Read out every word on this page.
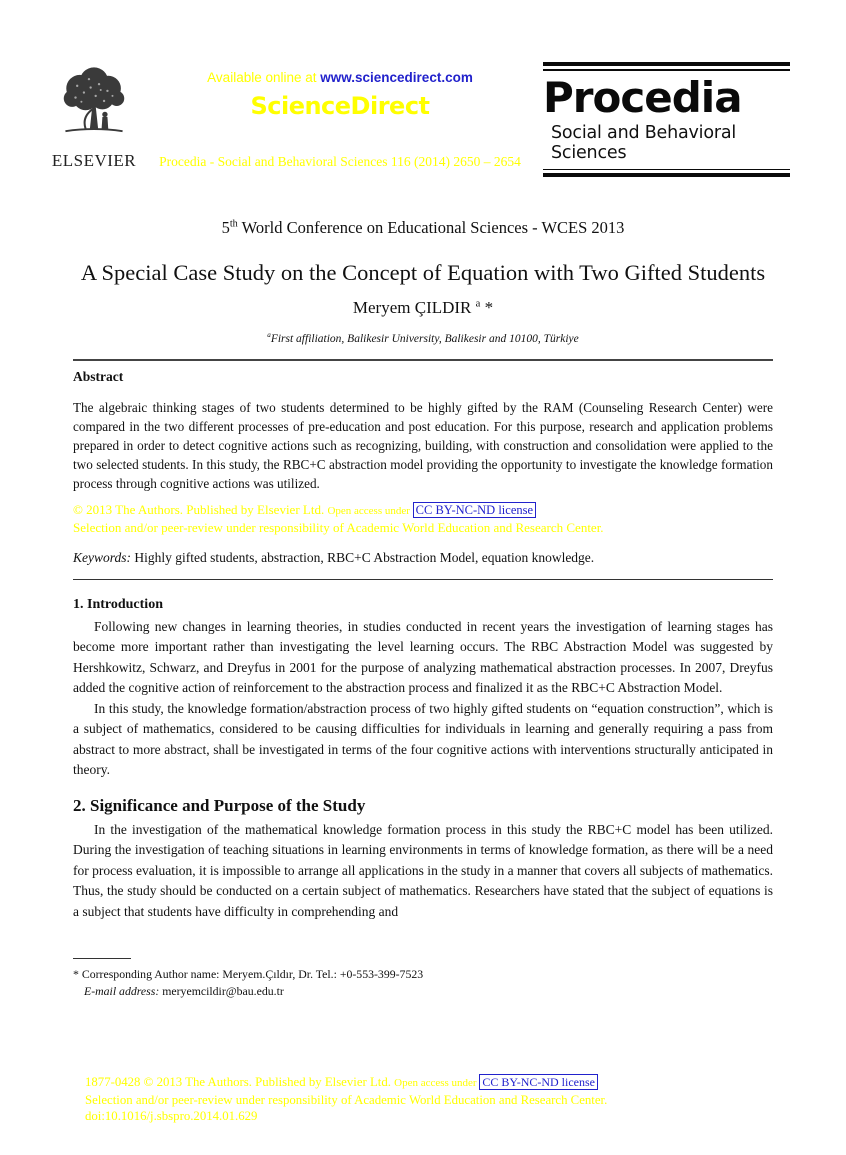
ELSEVIER
Available online at www.sciencedirect.com
ScienceDirect
Procedia - Social and Behavioral Sciences 116 (2014) 2650 – 2654
Procedia
Social and Behavioral Sciences
5th World Conference on Educational Sciences - WCES 2013
A Special Case Study on the Concept of Equation with Two Gifted Students
Meryem ÇILDIR $^a$ *
$^a$First affiliation, Balikesir University, Balikesir and 10100, Türkiye
Abstract
The algebraic thinking stages of two students determined to be highly gifted by the RAM (Counseling Research Center) were compared in the two different processes of pre-education and post education. For this purpose, research and application problems prepared in order to detect cognitive actions such as recognizing, building, with construction and consolidation were applied to the two selected students. In this study, the RBC+C abstraction model providing the opportunity to investigate the knowledge formation process through cognitive actions was utilized.
© 2013 The Authors. Published by Elsevier Ltd. Open access under CC BY-NC-ND license
Selection and/or peer-review under responsibility of Academic World Education and Research Center.
Keywords: Highly gifted students, abstraction, RBC+C Abstraction Model, equation knowledge.
1. Introduction
Following new changes in learning theories, in studies conducted in recent years the investigation of learning stages has become more important rather than investigating the level learning occurs. The RBC Abstraction Model was suggested by Hershkowitz, Schwarz, and Dreyfus in 2001 for the purpose of analyzing mathematical abstraction processes. In 2007, Dreyfus added the cognitive action of reinforcement to the abstraction process and finalized it as the RBC+C Abstraction Model.
In this study, the knowledge formation/abstraction process of two highly gifted students on “equation construction”, which is a subject of mathematics, considered to be causing difficulties for individuals in learning and generally requiring a pass from abstract to more abstract, shall be investigated in terms of the four cognitive actions with interventions structurally anticipated in theory.
2. Significance and Purpose of the Study
In the investigation of the mathematical knowledge formation process in this study the RBC+C model has been utilized. During the investigation of teaching situations in learning environments in terms of knowledge formation, as there will be a need for process evaluation, it is impossible to arrange all applications in the study in a manner that covers all subjects of mathematics. Thus, the study should be conducted on a certain subject of mathematics. Researchers have stated that the subject of equations is a subject that students have difficulty in comprehending and
* Corresponding Author name: Meryem.Çıldır, Dr. Tel.: +0-553-399-7523
E-mail address: meryemcildir@bau.edu.tr
1877-0428 © 2013 The Authors. Published by Elsevier Ltd. Open access under CC BY-NC-ND license
Selection and/or peer-review under responsibility of Academic World Education and Research Center.
doi:10.1016/j.sbspro.2014.01.629
